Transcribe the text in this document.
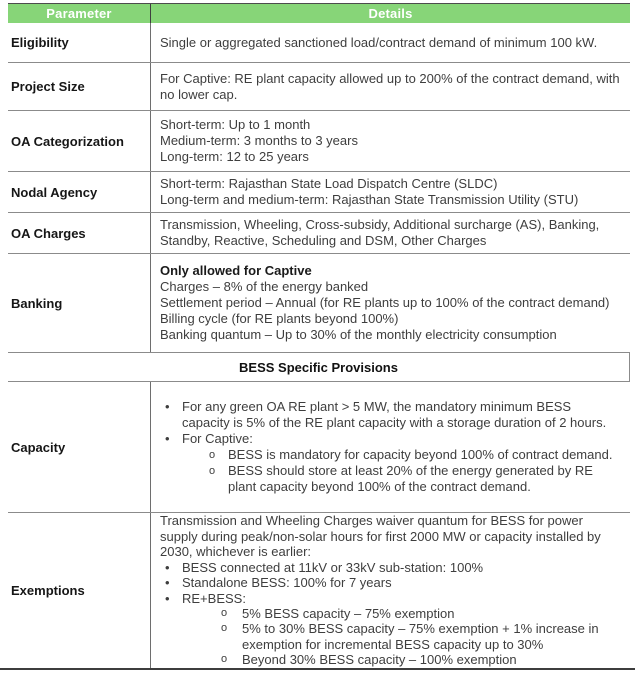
Parameter	Details
Eligibility	Single or aggregated sanctioned load/contract demand of minimum 100 kW.

Project Size

For Captive: RE plant capacity allowed up to 200% of the contract demand, with no lower cap.

OA Categorization

Short-term: Up to 1 month

Medium-term: 3 months to 3 years

Long-term: 12 to 25 years

Nodal Agency

Short-term: Rajasthan State Load Dispatch Centre (SLDC)

Long-term and medium-term: Rajasthan State Transmission Utility (STU)

OA Charges

Transmission, Wheeling, Cross-subsidy, Additional surcharge (AS), Banking, Standby, Reactive, Scheduling and DSM, Other Charges

Banking

Only allowed for Captive

Charges – 8% of the energy banked

Settlement period – Annual (for RE plants up to 100% of the contract demand)

Billing cycle (for RE plants beyond 100%)

Banking quantum – Up to 30% of the monthly electricity consumption

BESS Specific Provisions
Capacity

• For any green OA RE plant > 5 MW, the mandatory minimum BESS capacity is 5% of the RE plant capacity with a storage duration of 2 hours.

• For Captive:

o BESS is mandatory for capacity beyond 100% of contract demand.

o BESS should store at least 20% of the energy generated by RE plant capacity beyond 100% of the contract demand.

Exemptions

Transmission and Wheeling Charges waiver quantum for BESS for power supply during peak/non-solar hours for first 2000 MW or capacity installed by 2030, whichever is earlier:

• BESS connected at 11kV or 33kV sub-station: 100%

• Standalone BESS: 100% for 7 years

• RE+BESS:

o 5% BESS capacity – 75% exemption

o 5% to 30% BESS capacity – 75% exemption + 1% increase in exemption for incremental BESS capacity up to 30%

o Beyond 30% BESS capacity – 100% exemption
